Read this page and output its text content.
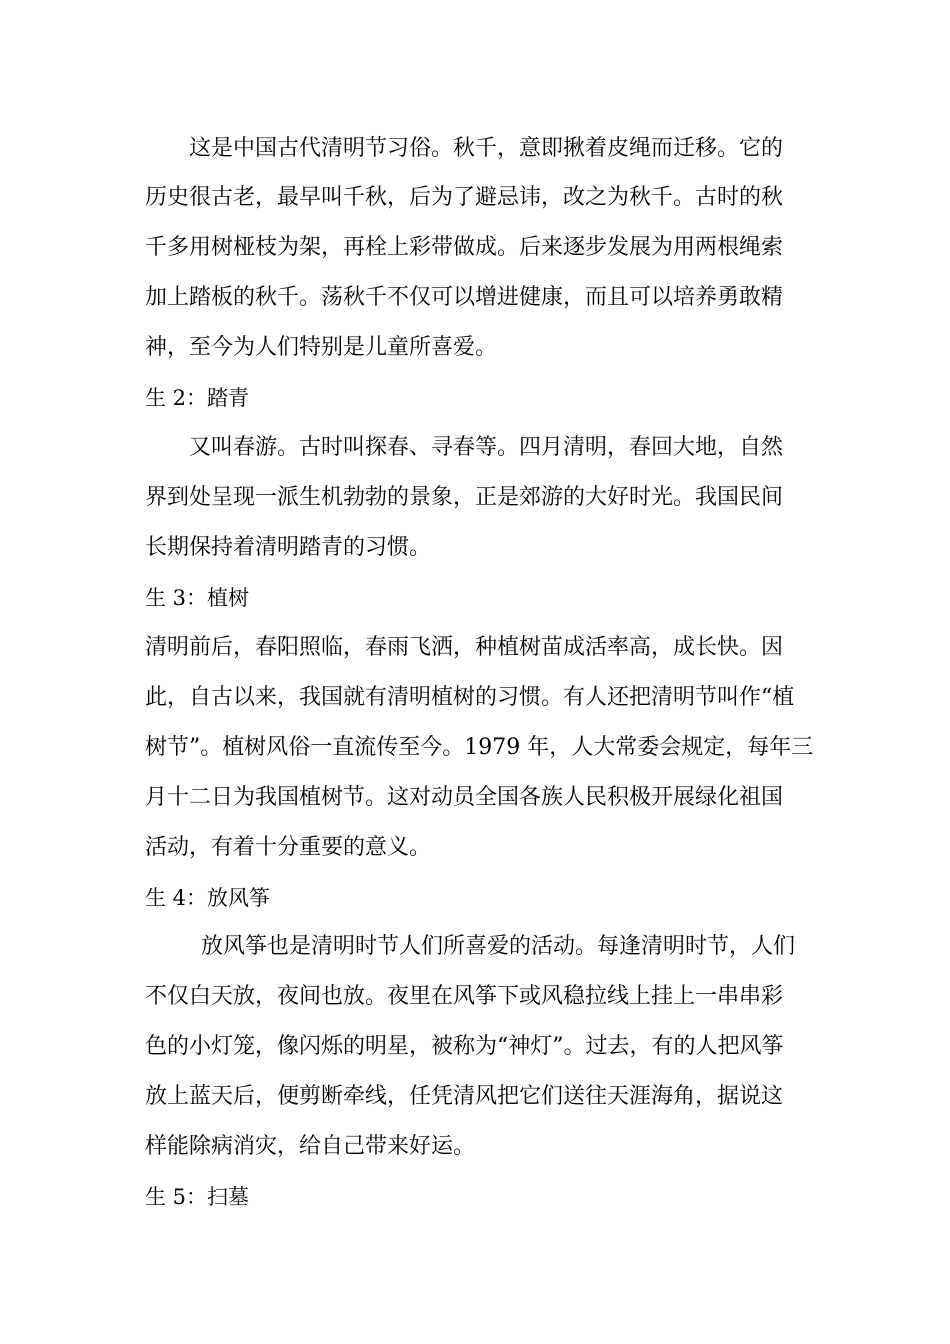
这是中国古代清明节习俗。秋千，意即揪着皮绳而迁移。它的

历史很古老，最早叫千秋，后为了避忌讳，改之为秋千。古时的秋

千多用树桠枝为架，再栓上彩带做成。后来逐步发展为用两根绳索

加上踏板的秋千。荡秋千不仅可以增进健康，而且可以培养勇敢精

神，至今为人们特别是儿童所喜爱。

生 2：踏青

又叫春游。古时叫探春、寻春等。四月清明，春回大地，自然

界到处呈现一派生机勃勃的景象，正是郊游的大好时光。我国民间

长期保持着清明踏青的习惯。

生 3：植树

清明前后，春阳照临，春雨飞洒，种植树苗成活率高，成长快。因

此，自古以来，我国就有清明植树的习惯。有人还把清明节叫作“植

树节”。植树风俗一直流传至今。1979 年，人大常委会规定，每年三

月十二日为我国植树节。这对动员全国各族人民积极开展绿化祖国

活动，有着十分重要的意义。

生 4：放风筝

放风筝也是清明时节人们所喜爱的活动。每逢清明时节，人们

不仅白天放，夜间也放。夜里在风筝下或风稳拉线上挂上一串串彩

色的小灯笼，像闪烁的明星，被称为“神灯”。过去，有的人把风筝

放上蓝天后，便剪断牵线，任凭清风把它们送往天涯海角，据说这

样能除病消灾，给自己带来好运。

生 5：扫墓
